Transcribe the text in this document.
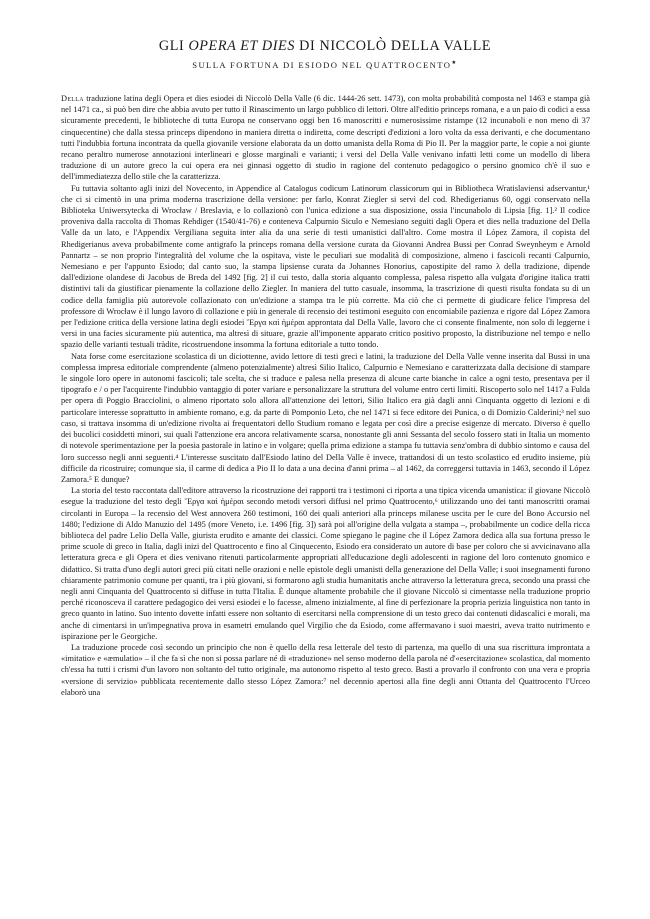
GLI OPERA ET DIES DI NICCOLÒ DELLA VALLE
SULLA FORTUNA DI ESIODO NEL QUATTROCENTO★

Della traduzione latina degli Opera et dies esiodei di Niccolò Della Valle (6 dic. 1444-26 sett. 1473), con molta probabilità composta nel 1463 e stampa già nel 1471 ca., si può ben dire che abbia avuto per tutto il Rinascimento un largo pubblico di lettori. Oltre all'editio princeps romana, e a un paio di codici a essa sicuramente precedenti, le biblioteche di tutta Europa ne conservano oggi ben 16 manoscritti e numerosissime ristampe (12 incunaboli e non meno di 37 cinquecentine) che dalla stessa princeps dipendono in maniera diretta o indiretta, come descripti d'edizioni a loro volta da essa derivanti, e che documentano tutti l'indubbia fortuna incontrata da quella giovanile versione elaborata da un dotto umanista della Roma di Pio II. Per la maggior parte, le copie a noi giunte recano peraltro numerose annotazioni interlineari e glosse marginali e varianti; i versi del Della Valle venivano infatti letti come un modello di libera traduzione di un autore greco la cui opera era nei ginnasi oggetto di studio in ragione del contenuto pedagogico o persino gnomico ch'è il suo e dell'immediatezza dello stile che la caratterizza.

Fu tuttavia soltanto agli inizi del Novecento, in Appendice al Catalogus codicum Latinorum classicorum qui in Bibliotheca Wratislaviensi adservantur,¹ che ci si cimentò in una prima moderna trascrizione della versione: per farlo, Konrat Ziegler si servì del cod. Rhedigerianus 60, oggi conservato nella Biblioteka Uniwersytecka di Wrocław / Breslavia, e lo collazionò con l'unica edizione a sua disposizione, ossia l'incunabolo di Lipsia [fig. 1].² Il codice proveniva dalla raccolta di Thomas Rehdiger (1540/41-76) e conteneva Calpurnio Siculo e Nemesiano seguiti dagli Opera et dies nella traduzione del Della Valle da un lato, e l'Appendix Vergiliana seguita inter alia da una serie di testi umanistici dall'altro. Come mostra il López Zamora, il copista del Rhedigerianus aveva probabilmente come antigrafo la princeps romana della versione curata da Giovanni Andrea Bussi per Conrad Sweynheym e Arnold Pannartz – se non proprio l'integralità del volume che la ospitava, viste le peculiari sue modalità di composizione, almeno i fascicoli recanti Calpurnio, Nemesiano e per l'appunto Esiodo; dal canto suo, la stampa lipsiense curata da Johannes Honorius, capostipite del ramo λ della tradizione, dipende dall'edizione olandese di Jacobus de Breda del 1492 [fig. 2] il cui testo, dalla storia alquanto complessa, palesa rispetto alla vulgata d'origine italica tratti distintivi tali da giustificar pienamente la collazione dello Ziegler. In maniera del tutto casuale, insomma, la trascrizione di questi risulta fondata su di un codice della famiglia più autorevole collazionato con un'edizione a stampa tra le più corrette. Ma ciò che ci permette di giudicare felice l'impresa del professore di Wrocław è il lungo lavoro di collazione e più in generale di recensio dei testimoni eseguito con encomiabile pazienza e rigore dal López Zamora per l'edizione critica della versione latina degli esiodei Ἔργα καὶ ἡμέραι approntata dal Della Valle, lavoro che ci consente finalmente, non solo di leggerne i versi in una facies sicuramente più autentica, ma altresì di situare, grazie all'imponente apparato critico positivo proposto, la distribuzione nel tempo e nello spazio delle varianti testuali tràdite, ricostruendone insomma la fortuna editoriale a tutto tondo.

Nata forse come esercitazione scolastica di un diciottenne, avido lettore di testi greci e latini, la traduzione del Della Valle venne inserita dal Bussi in una complessa impresa editoriale comprendente (almeno potenzialmente) altresì Silio Italico, Calpurnio e Nemesiano e caratterizzata dalla decisione di stampare le singole loro opere in autonomi fascicoli; tale scelta, che si traduce e palesa nella presenza di alcune carte bianche in calce a ogni testo, presentava per il tipografo e / o per l'acquirente l'indubbio vantaggio di poter variare e personalizzare la struttura del volume entro certi limiti. Riscoperto solo nel 1417 a Fulda per opera di Poggio Bracciolini, o almeno riportato solo allora all'attenzione dei lettori, Silio Italico era già dagli anni Cinquanta oggetto di lezioni e di particolare interesse soprattutto in ambiente romano, e.g. da parte di Pomponio Leto, che nel 1471 si fece editore dei Punica, o di Domizio Calderini;³ nel suo caso, si trattava insomma di un'edizione rivolta ai frequentatori dello Studium romano e legata per così dire a precise esigenze di mercato. Diverso è quello dei bucolici cosiddetti minori, sui quali l'attenzione era ancora relativamente scarsa, nonostante gli anni Sessanta del secolo fossero stati in Italia un momento di notevole sperimentazione per la poesia pastorale in latino e in volgare; quella prima edizione a stampa fu tuttavia senz'ombra di dubbio sintomo e causa del loro successo negli anni seguenti.⁴ L'interesse suscitato dall'Esiodo latino del Della Valle è invece, trattandosi di un testo scolastico ed erudito insieme, più difficile da ricostruire; comunque sia, il carme di dedica a Pio II lo data a una decina d'anni prima – al 1462, da correggersi tuttavia in 1463, secondo il López Zamora.⁵ E dunque?

La storia del testo raccontata dall'editore attraverso la ricostruzione dei rapporti tra i testimoni ci riporta a una tipica vicenda umanistica: il giovane Niccolò esegue la traduzione del testo degli Ἔργα καὶ ἡμέραι secondo metodi versori diffusi nel primo Quattrocento,⁶ utilizzando uno dei tanti manoscritti oramai circolanti in Europa – la recensio del West annovera 260 testimoni, 160 dei quali anteriori alla princeps milanese uscita per le cure del Bono Accursio nel 1480; l'edizione di Aldo Manuzio del 1495 (more Veneto, i.e. 1496 [fig. 3]) sarà poi all'origine della vulgata a stampa –, probabilmente un codice della ricca biblioteca del padre Lelio Della Valle, giurista erudito e amante dei classici. Come spiegano le pagine che il López Zamora dedica alla sua fortuna presso le prime scuole di greco in Italia, dagli inizi del Quattrocento e fino al Cinquecento, Esiodo era considerato un autore di base per coloro che si avvicinavano alla letteratura greca e gli Opera et dies venivano ritenuti particolarmente appropriati all'educazione degli adolescenti in ragione del loro contenuto gnomico e didattico. Si tratta d'uno degli autori greci più citati nelle orazioni e nelle epistole degli umanisti della generazione del Della Valle; i suoi insegnamenti furono chiaramente patrimonio comune per quanti, tra i più giovani, si formarono agli studia humanitatis anche attraverso la letteratura greca, secondo una prassi che negli anni Cinquanta del Quattrocento si diffuse in tutta l'Italia. È dunque altamente probabile che il giovane Niccolò si cimentasse nella traduzione proprio perché riconosceva il carattere pedagogico dei versi esiodei e lo facesse, almeno inizialmente, al fine di perfezionare la propria perizia linguistica non tanto in greco quanto in latino. Suo intento dovette infatti essere non soltanto di esercitarsi nella comprensione di un testo greco dai contenuti didascalici e morali, ma anche di cimentarsi in un'impegnativa prova in esametri emulando quel Virgilio che da Esiodo, come affermavano i suoi maestri, aveva tratto nutrimento e ispirazione per le Georgiche.

La traduzione procede così secondo un principio che non è quello della resa letterale del testo di partenza, ma quello di una sua riscrittura improntata a «imitatio» e «æmulatio» – il che fa sì che non si possa parlare né di «traduzione» nel senso moderno della parola né d'«esercitazione» scolastica, dal momento ch'essa ha tutti i crismi d'un lavoro non soltanto del tutto originale, ma autonomo rispetto al testo greco. Basti a provarlo il confronto con una vera e propria «versione di servizio» pubblicata recentemente dallo stesso López Zamora:⁷ nel decennio apertosi alla fine degli anni Ottanta del Quattrocento l'Urceo elaborò una
